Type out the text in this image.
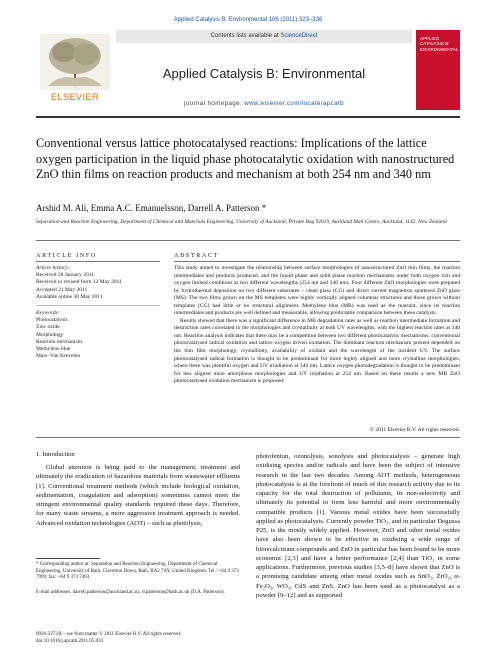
Applied Catalysis B: Environmental 106 (2011) 323–336
ELSEVIER
Contents lists available at ScienceDirect
Applied Catalysis B: Environmental
journal homepage: www.elsevier.com/locate/apcatb
APPLIED CATALYSIS B: ENVIRONMENTAL
Conventional versus lattice photocatalysed reactions: Implications of the lattice oxygen participation in the liquid phase photocatalytic oxidation with nanostructured ZnO thin films on reaction products and mechanism at both 254 nm and 340 nm
Arshid M. Ali, Emma A.C. Emanuelsson, Darrell A. Patterson *
Separation and Reaction Engineering, Department of Chemical and Materials Engineering, University of Auckland, Private Bag 92019, Auckland Mail Centre, Auckland, 1142, New Zealand
ARTICLE INFO	ABSTRACT
Article history:
Received 28 January 2011
Received in revised form 12 May 2011
Accepted 21 May 2011
Available online 30 May 2011
Keywords:
Photocatalysis
Zinc oxide
Morphology
Reaction mechanism
Methylene blue
Mars–Van Krevelen

This study aimed to investigate the relationship between surface morphologies of nanostructured ZnO thin films, the reaction intermediates and products produced, and the liquid phase and solid phase reaction mechanisms under both oxygen rich and oxygen limited conditions at two different wavelengths (254 nm and 340 nm). Four different ZnO morphologies were prepared by hydrothermal deposition on two different substrates – clean glass (CG) and direct current magnetron sputtered ZnO glass (MS). The two films grown on the MS templates were highly vertically aligned columnar structures and those grown without templates (CG) had little or no structural alignment. Methylene blue (MB) was used as the reactant, since its reaction intermediates and products are well defined and measurable, allowing predictable comparison between these catalysts.

Results showed that there was a significant difference in MB degradation rates as well as reaction intermediate formation and destruction rates correlated to the morphologies and crystallinity at both UV wavelengths, with the highest reaction rates at 340 nm. Reaction analysis indicates that there may be a competition between two different photocatalytic mechanisms: conventional photocatalysed radical oxidation and lattice oxygen driven oxidation. The dominant reaction mechanism present depended on the thin film morphology, crystallinity, availability of oxidant and the wavelength of the incident UV. The surface photocatalysed radical formation is thought to be predominant for more highly aligned and more crystalline morphologies, where there was plentiful oxygen and UV irradiation at 340 nm. Lattice oxygen photodegradation is thought to be predominant for less aligned more amorphous morphologies and UV irradiation at 254 nm. Based on these results a new MB ZnO photocatalysed oxidation mechanism is proposed.

© 2011 Elsevier B.V. All rights reserved.
1. Introduction

Global attention is being paid to the management, treatment and ultimately the eradication of hazardous materials from wastewater effluents [1]. Conventional treatment methods (which include biological oxidation, sedimentation, coagulation and adsorption) sometimes cannot meet the stringent environmental quality standards required these days. Therefore, for many waste streams, a more aggressive treatment approach is needed. Advanced oxidation technologies (AOT) – such as photolysis,

photofenton, ozonolysis, sonolysis and photocatalysis – generate high oxidising species and/or radicals and have been the subject of intensive research in the last two decades. Among AOT methods, heterogeneous photocatalysis is at the forefront of much of this research activity due to its capacity for the total destruction of pollutants, its non-selectivity and ultimately its potential to form less harmful and more environmentally compatible products [1]. Various metal oxides have been successfully applied as photocatalysts. Currently powder TiO₂, and in particular Degussa P25, is the mostly widely applied. However, ZnO and other metal oxides have also been shown to be effective in oxidising a wide range of biorecalcitrant compounds and ZnO in particular has been found to be more economic [2,3] and have a better performance [2,4] than TiO₂ in some applications. Furthermore, previous studies [3,5–8] have shown that ZnO is a promising candidate among other metal oxides such as SnO₂, ZrO₂, α-Fe₂O₃, WO₃, CdS and ZnS. ZnO has been used as a photocatalyst as a powder [9–12] and as supported

* Corresponding author at: Separation and Reaction Engineering, Department of Chemical Engineering, University of Bath, Claverton Down, Bath, BA2 7AY, United Kingdom. Tel.: +64 9 373 7999; fax: +64 9 373 7463.
E-mail addresses: darrell.patterson@auckland.ac.nz, d.patterson@bath.ac.uk (D.A. Patterson).
0926-3373/$ – see front matter © 2011 Elsevier B.V. All rights reserved.
doi:10.1016/j.apcatb.2011.05.033
